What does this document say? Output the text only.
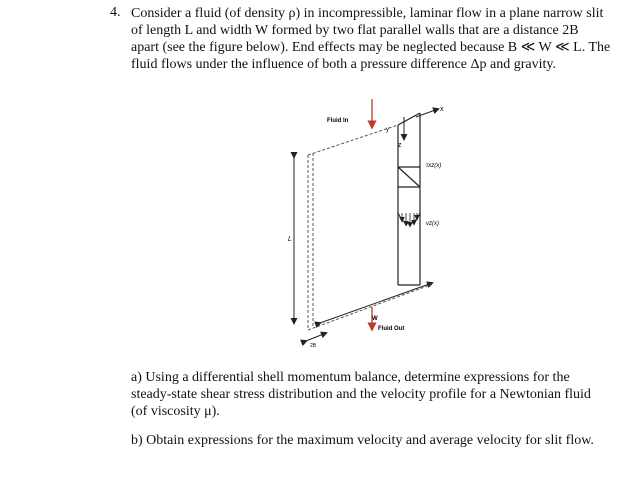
4. Consider a fluid (of density ρ) in incompressible, laminar flow in a plane narrow slit
of length L and width W formed by two flat parallel walls that are a distance 2B
apart (see the figure below). End effects may be neglected because B ≪ W ≪ L. The
fluid flows under the influence of both a pressure difference Δp and gravity.
z
x
y
τxz(x)
vz(x)
L
W
2B
Fluid In
Fluid Out
a) Using a differential shell momentum balance, determine expressions for the
steady-state shear stress distribution and the velocity profile for a Newtonian fluid
(of viscosity μ).
b) Obtain expressions for the maximum velocity and average velocity for slit flow.
